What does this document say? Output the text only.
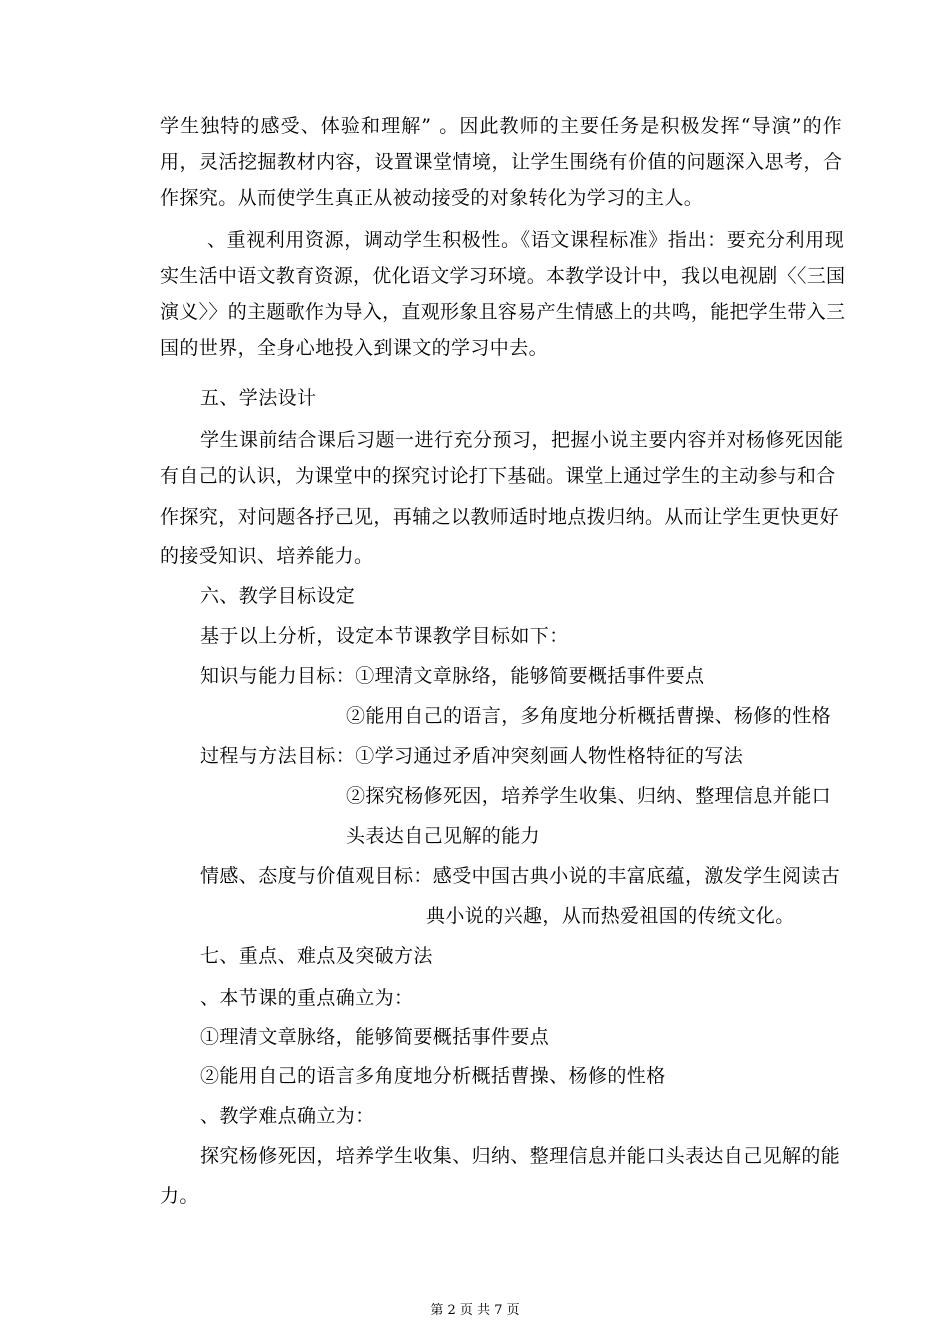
学生独特的感受、体验和理解” 。因此教师的主要任务是积极发挥“导演”的作
用，灵活挖掘教材内容，设置课堂情境，让学生围绕有价值的问题深入思考，合
作探究。从而使学生真正从被动接受的对象转化为学习的主人。
、重视利用资源，调动学生积极性。《语文课程标准》指出：要充分利用现
实生活中语文教育资源，优化语文学习环境。本教学设计中，我以电视剧〈〈三国
演义〉〉的主题歌作为导入，直观形象且容易产生情感上的共鸣，能把学生带入三
国的世界，全身心地投入到课文的学习中去。
五、学法设计
学生课前结合课后习题一进行充分预习，把握小说主要内容并对杨修死因能
有自己的认识，为课堂中的探究讨论打下基础。课堂上通过学生的主动参与和合
作探究，对问题各抒己见，再辅之以教师适时地点拨归纳。从而让学生更快更好
的接受知识、培养能力。
六、教学目标设定
基于以上分析，设定本节课教学目标如下：
知识与能力目标：①理清文章脉络，能够简要概括事件要点
②能用自己的语言，多角度地分析概括曹操、杨修的性格
过程与方法目标：①学习通过矛盾冲突刻画人物性格特征的写法
②探究杨修死因，培养学生收集、归纳、整理信息并能口
头表达自己见解的能力
情感、态度与价值观目标：感受中国古典小说的丰富底蕴，激发学生阅读古
典小说的兴趣，从而热爱祖国的传统文化。
七、重点、难点及突破方法
、本节课的重点确立为：
①理清文章脉络，能够简要概括事件要点
②能用自己的语言多角度地分析概括曹操、杨修的性格
、教学难点确立为：
探究杨修死因，培养学生收集、归纳、整理信息并能口头表达自己见解的能
力。
第 2 页 共 7 页
